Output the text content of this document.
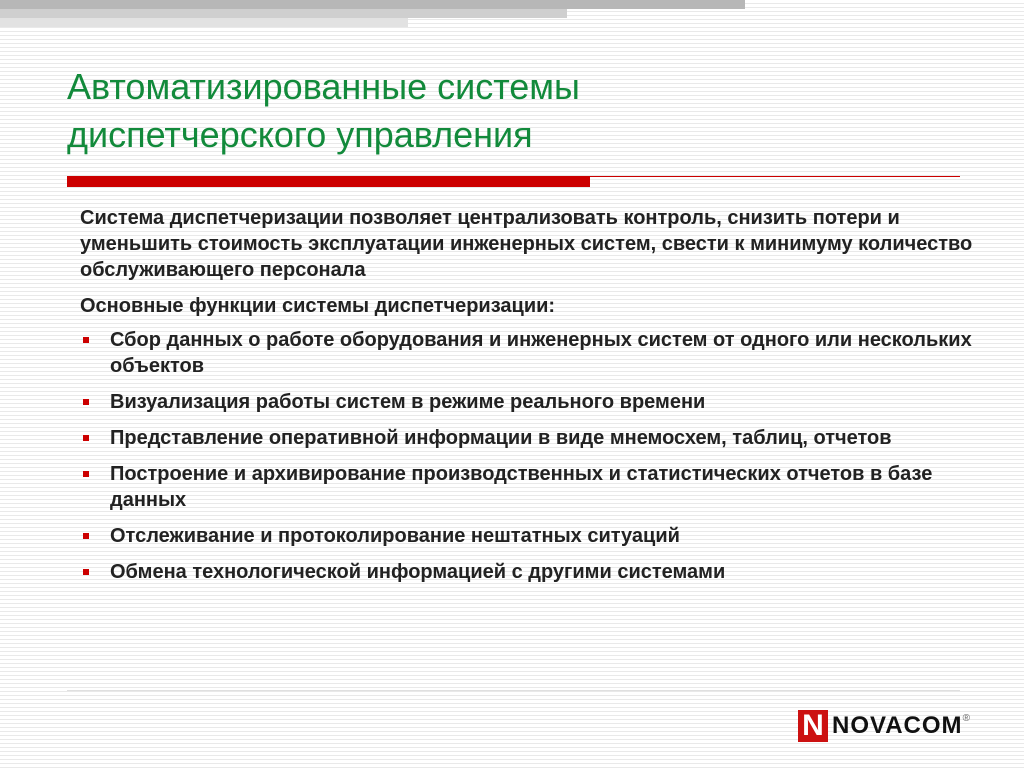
Автоматизированные системы
диспетчерского управления

Система диспетчеризации позволяет централизовать контроль, снизить потери и уменьшить стоимость эксплуатации инженерных систем, свести к минимуму количество обслуживающего персонала

Основные функции системы диспетчеризации:

Сбор данных о работе оборудования и инженерных систем от одного или нескольких объектов
Визуализация работы систем в режиме реального времени
Представление оперативной информации в виде мнемосхем, таблиц, отчетов
Построение и архивирование производственных и статистических отчетов в базе данных
Отслеживание и протоколирование нештатных ситуаций
Обмена технологической информацией с другими системами
N NOVACOM ®
